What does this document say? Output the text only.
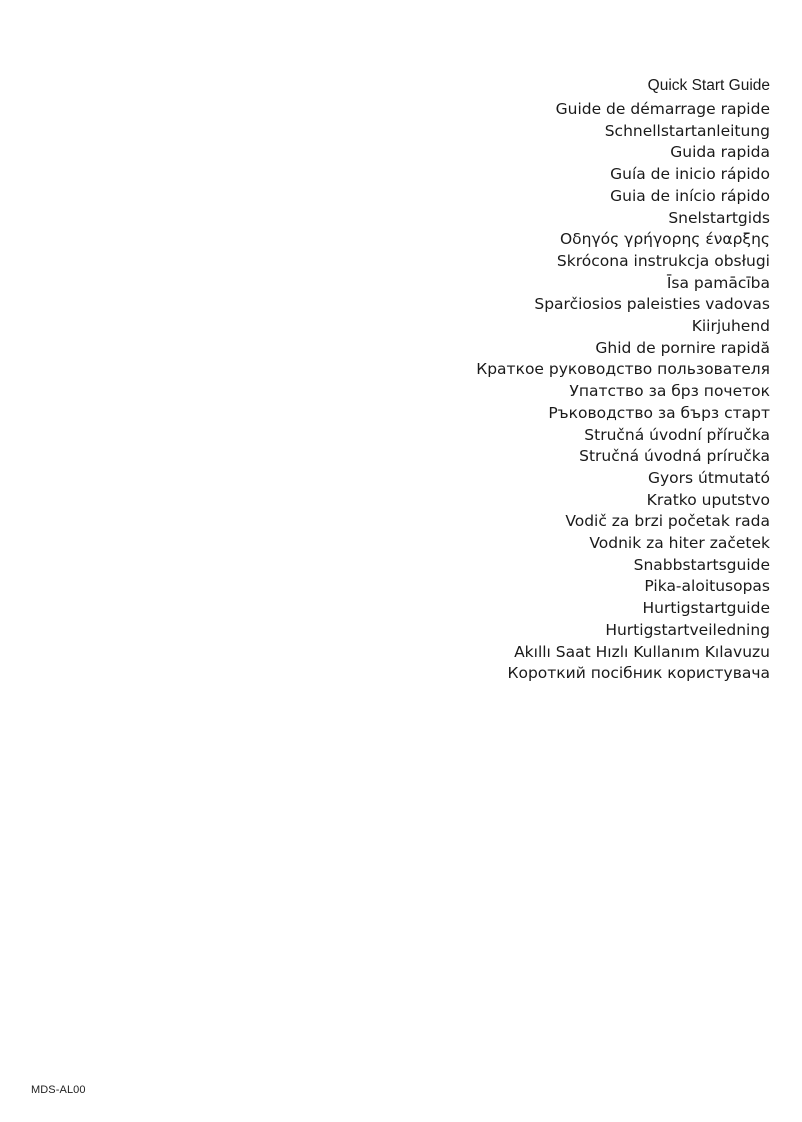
Quick Start Guide
Guide de démarrage rapide
Schnellstartanleitung
Guida rapida
Guía de inicio rápido
Guia de início rápido
Snelstartgids
Οδηγός γρήγορης έναρξης
Skrócona instrukcja obsługi
Īsa pamācība
Sparčiosios paleisties vadovas
Kiirjuhend
Ghid de pornire rapidă
Краткое руководство пользователя
Упатство за брз почеток
Ръководство за бърз старт
Stručná úvodní příručka
Stručná úvodná príručka
Gyors útmutató
Kratko uputstvo
Vodič za brzi početak rada
Vodnik za hiter začetek
Snabbstartsguide
Pika-aloitusopas
Hurtigstartguide
Hurtigstartveiledning
Akıllı Saat Hızlı Kullanım Kılavuzu
Короткий посібник користувача
MDS-AL00
